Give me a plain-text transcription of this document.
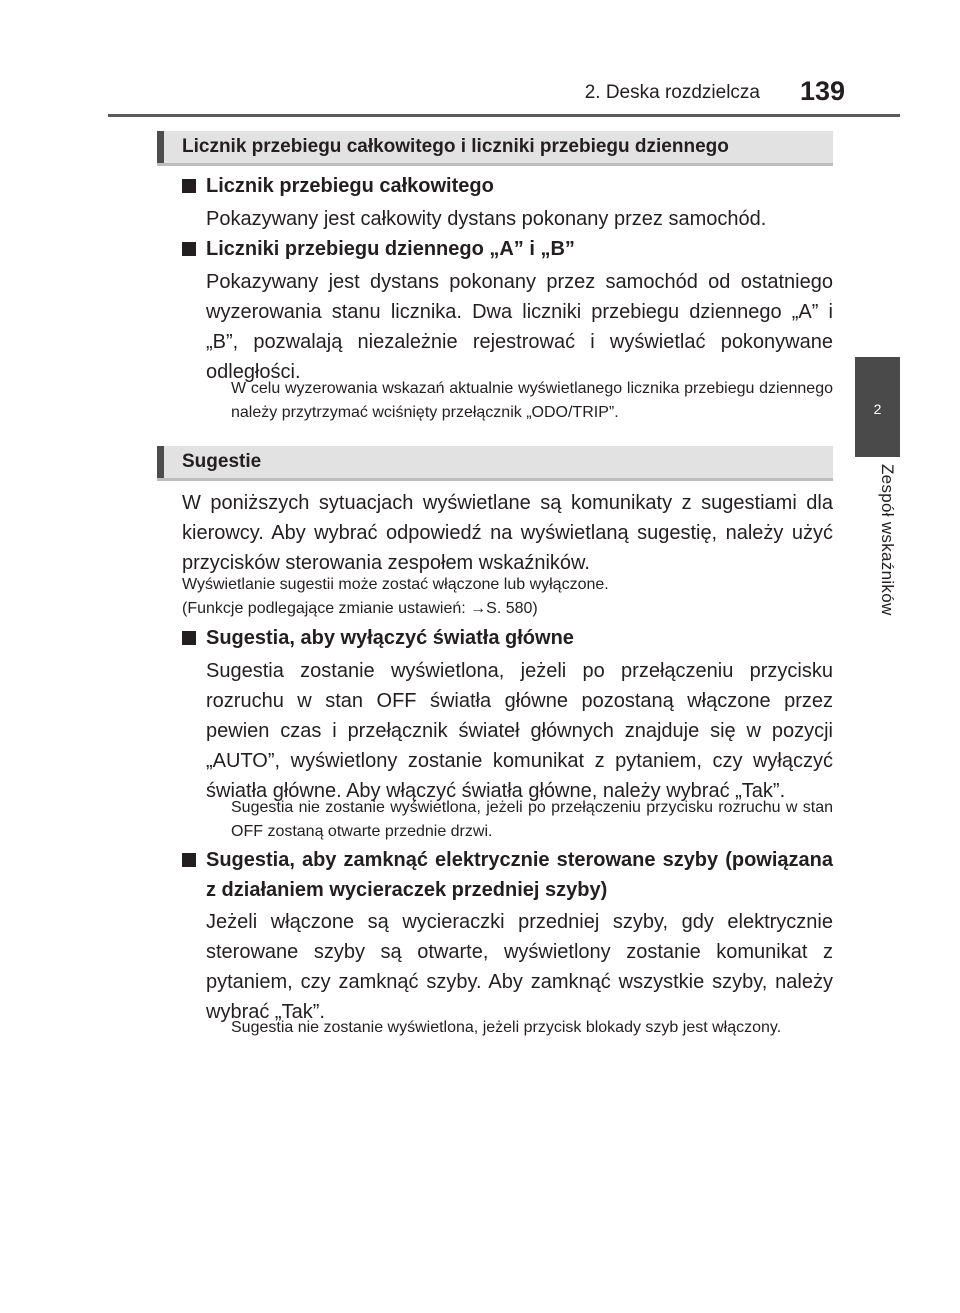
2. Deska rozdzielcza 139
2
Zespół wskaźników
Licznik przebiegu całkowitego i liczniki przebiegu dziennego
Licznik przebiegu całkowitego
Pokazywany jest całkowity dystans pokonany przez samochód.
Liczniki przebiegu dziennego „A” i „B”
Pokazywany jest dystans pokonany przez samochód od ostatniego wyzerowania stanu licznika. Dwa liczniki przebiegu dziennego „A” i „B”, pozwalają niezależnie rejestrować i wyświetlać pokonywane odległości.
W celu wyzerowania wskazań aktualnie wyświetlanego licznika przebiegu dziennego należy przytrzymać wciśnięty przełącznik „ODO/TRIP”.
Sugestie
W poniższych sytuacjach wyświetlane są komunikaty z sugestiami dla kierowcy. Aby wybrać odpowiedź na wyświetlaną sugestię, należy użyć przycisków sterowania zespołem wskaźników.
Wyświetlanie sugestii może zostać włączone lub wyłączone.
(Funkcje podlegające zmianie ustawień: →S. 580)
Sugestia, aby wyłączyć światła główne
Sugestia zostanie wyświetlona, jeżeli po przełączeniu przycisku rozruchu w stan OFF światła główne pozostaną włączone przez pewien czas i przełącznik świateł głównych znajduje się w pozycji „AUTO”, wyświetlony zostanie komunikat z pytaniem, czy wyłączyć światła główne. Aby włączyć światła główne, należy wybrać „Tak”.
Sugestia nie zostanie wyświetlona, jeżeli po przełączeniu przycisku rozruchu w stan OFF zostaną otwarte przednie drzwi.
Sugestia, aby zamknąć elektrycznie sterowane szyby (powiązana z działaniem wycieraczek przedniej szyby)
Jeżeli włączone są wycieraczki przedniej szyby, gdy elektrycznie sterowane szyby są otwarte, wyświetlony zostanie komunikat z pytaniem, czy zamknąć szyby. Aby zamknąć wszystkie szyby, należy wybrać „Tak”.
Sugestia nie zostanie wyświetlona, jeżeli przycisk blokady szyb jest włączony.
